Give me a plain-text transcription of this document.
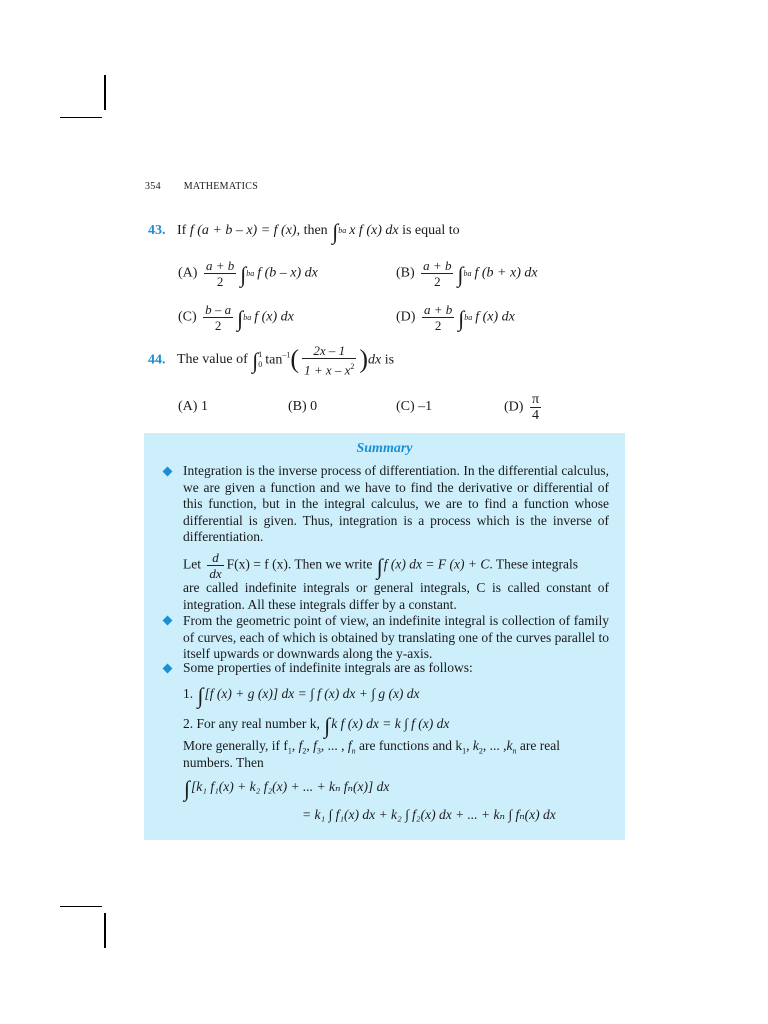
354 MATHEMATICS
43. If f (a + b – x) = f (x), then ∫ba x f (x) dx is equal to
$(A) \frac{a + b}{2} \int ba$ f (b – x) dx	$(B) \frac{a + b}{2} \int ba$ f (b + x) dx
$(C) \frac{b - a}{2} \int ba$ f (x) dx	$(D) \frac{a + b}{2} \int ba$ f (x) dx
44. The value of ∫ 1
0 $\tan^{-1}( \frac{2x - 1}{1 + x - x^2} )dx$ is
(A) 1	(B) 0	(C) –1	$(D) \frac{\pi}{4}$
Summary
Integration is the inverse process of differentiation. In the differential calculus, we are given a function and we have to find the derivative or differential of this function, but in the integral calculus, we are to find a function whose differential is given. Thus, integration is a process which is the inverse of differentiation.
Let $\frac{d}{dx} F(x) = f$ (x). Then we write ∫f (x) dx = F (x) + C. These integrals
are called indefinite integrals or general integrals, C is called constant of integration. All these integrals differ by a constant.
From the geometric point of view, an indefinite integral is collection of family of curves, each of which is obtained by translating one of the curves parallel to itself upwards or downwards along the y-axis.
Some properties of indefinite integrals are as follows:
1. ∫[f (x) + g (x)] dx = ∫ f (x) dx + ∫ g (x) dx
2. For any real number k, ∫k f (x) dx = k ∫ f (x) dx
More generally, if $f_1$, $f_2$, $f_3$, ... , $f_n$ are functions and $k_1$, $k_2$, ... $,k_n$ are real
numbers. Then
∫[k₁ f₁(x) + k₂ f₂(x) + ... + kₙ fₙ(x)] dx
= k₁ ∫ f₁(x) dx + k₂ ∫ f₂(x) dx + ... + kₙ ∫ fₙ(x) dx
